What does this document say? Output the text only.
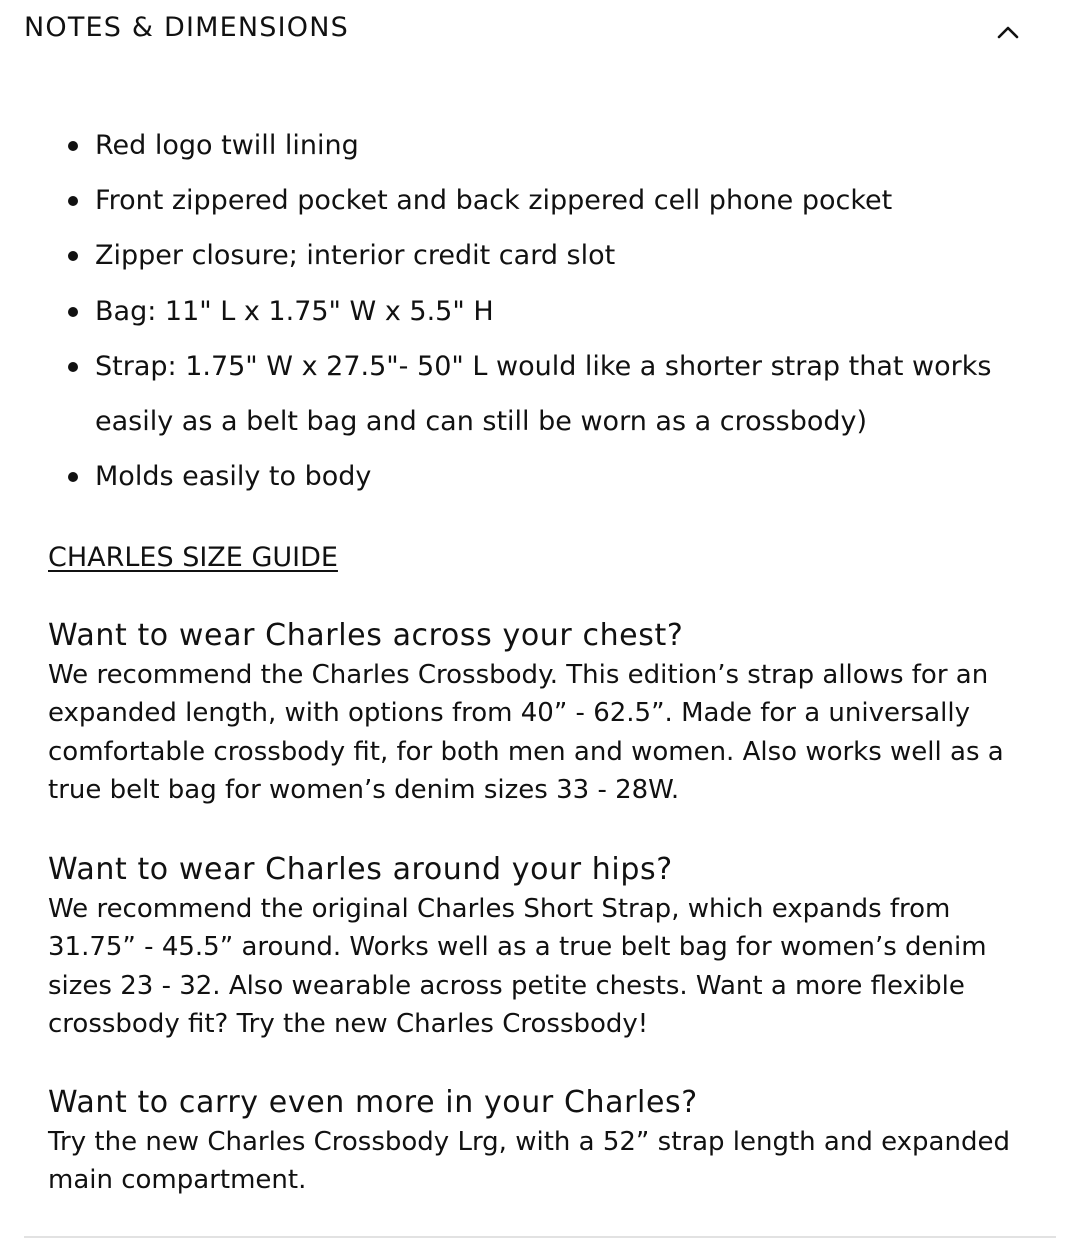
NOTES & DIMENSIONS
Red logo twill lining
Front zippered pocket and back zippered cell phone pocket
Zipper closure; interior credit card slot
Bag: 11" L x 1.75" W x 5.5" H
Strap: 1.75" W x 27.5"- 50" L would like a shorter strap that works easily as a belt bag and can still be worn as a crossbody)
Molds easily to body
CHARLES SIZE GUIDE
Want to wear Charles across your chest?

We recommend the Charles Crossbody. This edition’s strap allows for an expanded length, with options from 40” - 62.5”. Made for a universally comfortable crossbody fit, for both men and women. Also works well as a true belt bag for women’s denim sizes 33 - 28W.

Want to wear Charles around your hips?

We recommend the original Charles Short Strap, which expands from 31.75” - 45.5” around. Works well as a true belt bag for women’s denim sizes 23 - 32. Also wearable across petite chests. Want a more flexible crossbody fit? Try the new Charles Crossbody!

Want to carry even more in your Charles?

Try the new Charles Crossbody Lrg, with a 52” strap length and expanded main compartment.
